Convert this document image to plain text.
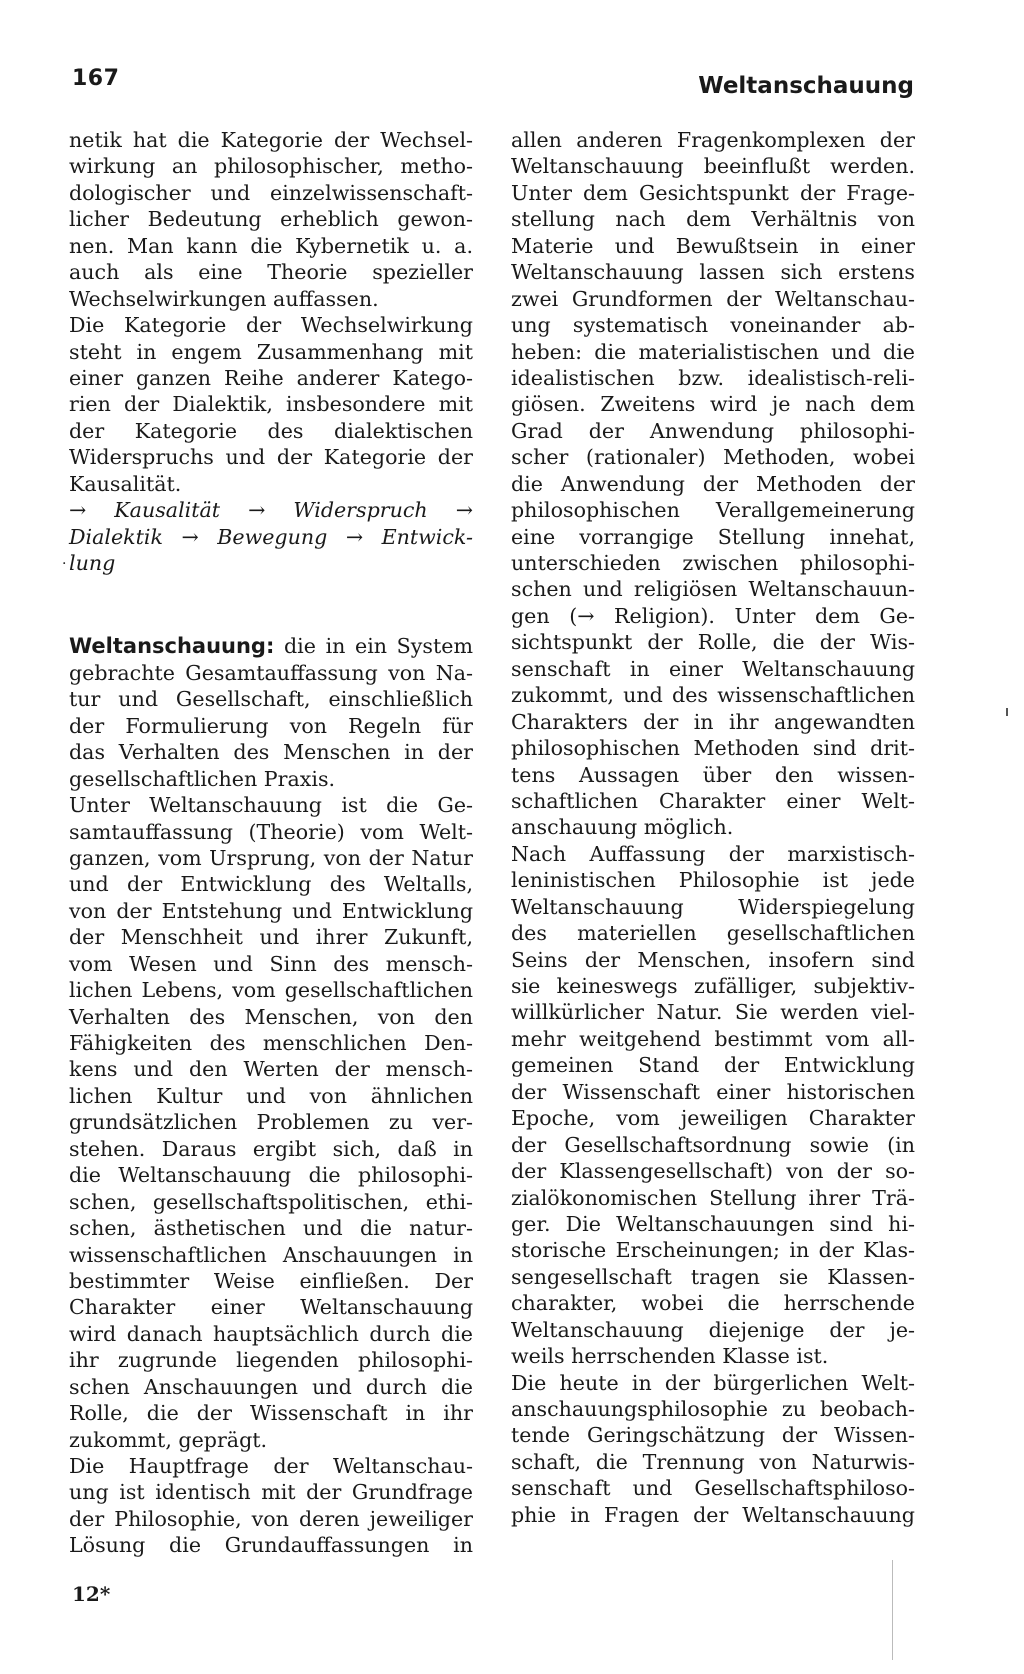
167	Weltanschauung
·
netik hat die Kategorie der Wechsel-
wirkung an philosophischer, metho-
dologischer und einzelwissenschaft-
licher Bedeutung erheblich gewon-
nen. Man kann die Kybernetik u. a.
auch als eine Theorie spezieller
Wechselwirkungen auffassen.
Die Kategorie der Wechselwirkung
steht in engem Zusammenhang mit
einer ganzen Reihe anderer Katego-
rien der Dialektik, insbesondere mit
der Kategorie des dialektischen
Widerspruchs und der Kategorie der
Kausalität.
→ Kausalität → Widerspruch →
Dialektik → Bewegung → Entwick-
lung
Weltanschauung: die in ein System
gebrachte Gesamtauffassung von Na-
tur und Gesellschaft, einschließlich
der Formulierung von Regeln für
das Verhalten des Menschen in der
gesellschaftlichen Praxis.
Unter Weltanschauung ist die Ge-
samtauffassung (Theorie) vom Welt-
ganzen, vom Ursprung, von der Natur
und der Entwicklung des Weltalls,
von der Entstehung und Entwicklung
der Menschheit und ihrer Zukunft,
vom Wesen und Sinn des mensch-
lichen Lebens, vom gesellschaftlichen
Verhalten des Menschen, von den
Fähigkeiten des menschlichen Den-
kens und den Werten der mensch-
lichen Kultur und von ähnlichen
grundsätzlichen Problemen zu ver-
stehen. Daraus ergibt sich, daß in
die Weltanschauung die philosophi-
schen, gesellschaftspolitischen, ethi-
schen, ästhetischen und die natur-
wissenschaftlichen Anschauungen in
bestimmter Weise einfließen. Der
Charakter einer Weltanschauung
wird danach hauptsächlich durch die
ihr zugrunde liegenden philosophi-
schen Anschauungen und durch die
Rolle, die der Wissenschaft in ihr
zukommt, geprägt.
Die Hauptfrage der Weltanschau-
ung ist identisch mit der Grundfrage
der Philosophie, von deren jeweiliger
Lösung die Grundauffassungen in
allen anderen Fragenkomplexen der
Weltanschauung beeinflußt werden.
Unter dem Gesichtspunkt der Frage-
stellung nach dem Verhältnis von
Materie und Bewußtsein in einer
Weltanschauung lassen sich erstens
zwei Grundformen der Weltanschau-
ung systematisch voneinander ab-
heben: die materialistischen und die
idealistischen bzw. idealistisch-reli-
giösen. Zweitens wird je nach dem
Grad der Anwendung philosophi-
scher (rationaler) Methoden, wobei
die Anwendung der Methoden der
philosophischen Verallgemeinerung
eine vorrangige Stellung innehat,
unterschieden zwischen philosophi-
schen und religiösen Weltanschauun-
gen (→ Religion). Unter dem Ge-
sichtspunkt der Rolle, die der Wis-
senschaft in einer Weltanschauung
zukommt, und des wissenschaftlichen
Charakters der in ihr angewandten
philosophischen Methoden sind drit-
tens Aussagen über den wissen-
schaftlichen Charakter einer Welt-
anschauung möglich.
Nach Auffassung der marxistisch-
leninistischen Philosophie ist jede
Weltanschauung Widerspiegelung
des materiellen gesellschaftlichen
Seins der Menschen, insofern sind
sie keineswegs zufälliger, subjektiv-
willkürlicher Natur. Sie werden viel-
mehr weitgehend bestimmt vom all-
gemeinen Stand der Entwicklung
der Wissenschaft einer historischen
Epoche, vom jeweiligen Charakter
der Gesellschaftsordnung sowie (in
der Klassengesellschaft) von der so-
zialökonomischen Stellung ihrer Trä-
ger. Die Weltanschauungen sind hi-
storische Erscheinungen; in der Klas-
sengesellschaft tragen sie Klassen-
charakter, wobei die herrschende
Weltanschauung diejenige der je-
weils herrschenden Klasse ist.
Die heute in der bürgerlichen Welt-
anschauungsphilosophie zu beobach-
tende Geringschätzung der Wissen-
schaft, die Trennung von Naturwis-
senschaft und Gesellschaftsphiloso-
phie in Fragen der Weltanschauung
12*
